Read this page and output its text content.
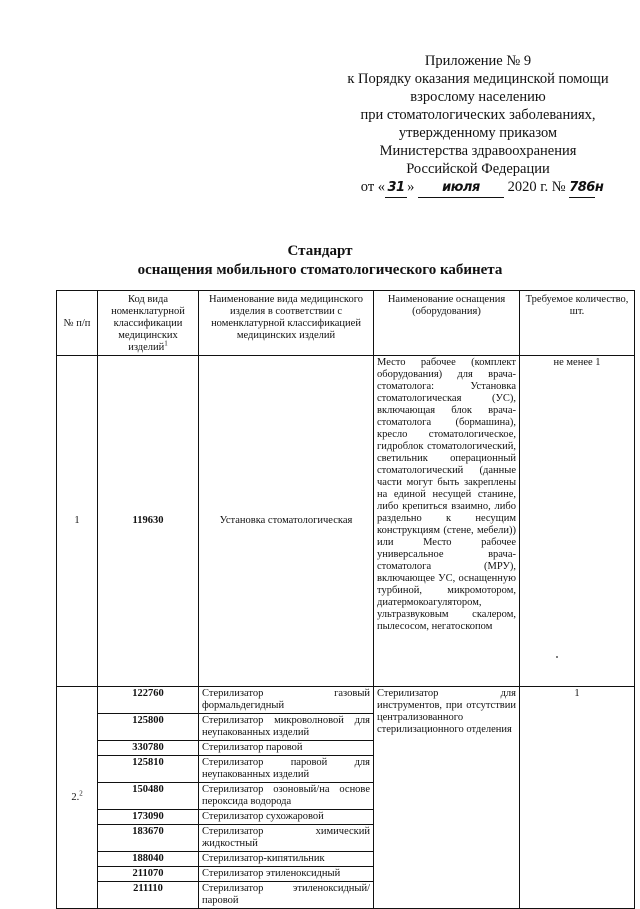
Приложение № 9
к Порядку оказания медицинской помощи
взрослому населению
при стоматологических заболеваниях,
утвержденному приказом
Министерства здравоохранения
Российской Федерации
от « 31 » июля 2020 г. № 786н
Стандарт
оснащения мобильного стоматологического кабинета
№ п/п	Код вида номенклатурной классификации медицинских изделий$^1$	Наименование вида медицинского изделия в соответствии с номенклатурной классификацией медицинских изделий	Наименование оснащения (оборудования)	Требуемое количество, шт.
1	119630	Установка стоматологическая	Место рабочее (комплект оборудования) для врача-стоматолога: Установка стоматологическая (УС), включающая блок врача-стоматолога (бормашина), кресло стоматологическое, гидроблок стоматологический, светильник операционный стоматологический (данные части могут быть закреплены на единой несущей станине, либо крепиться взаимно, либо раздельно к несущим конструкциям (стене, мебели)) или Место рабочее универсальное врача-стоматолога (МРУ), включающее УС, оснащенную турбиной, микромотором, диатермокоагулятором, ультразвуковым скалером, пылесосом, негатоскопом	не менее 1
2.$^2$	122760	Стерилизатор газовый формальдегидный	Стерилизатор для инструментов, при отсутствии централизованного стерилизационного отделения	1
	125800	Стерилизатор микроволновой для неупакованных изделий		
	330780	Стерилизатор паровой		
	125810	Стерилизатор паровой для неупакованных изделий		
	150480	Стерилизатор озоновый/на основе пероксида водорода		
	173090	Стерилизатор сухожаровой		
	183670	Стерилизатор химический жидкостный		
	188040	Стерилизатор-кипятильник		
	211070	Стерилизатор этиленоксидный		
	211110	Стерилизатор этиленоксидный/паровой		
